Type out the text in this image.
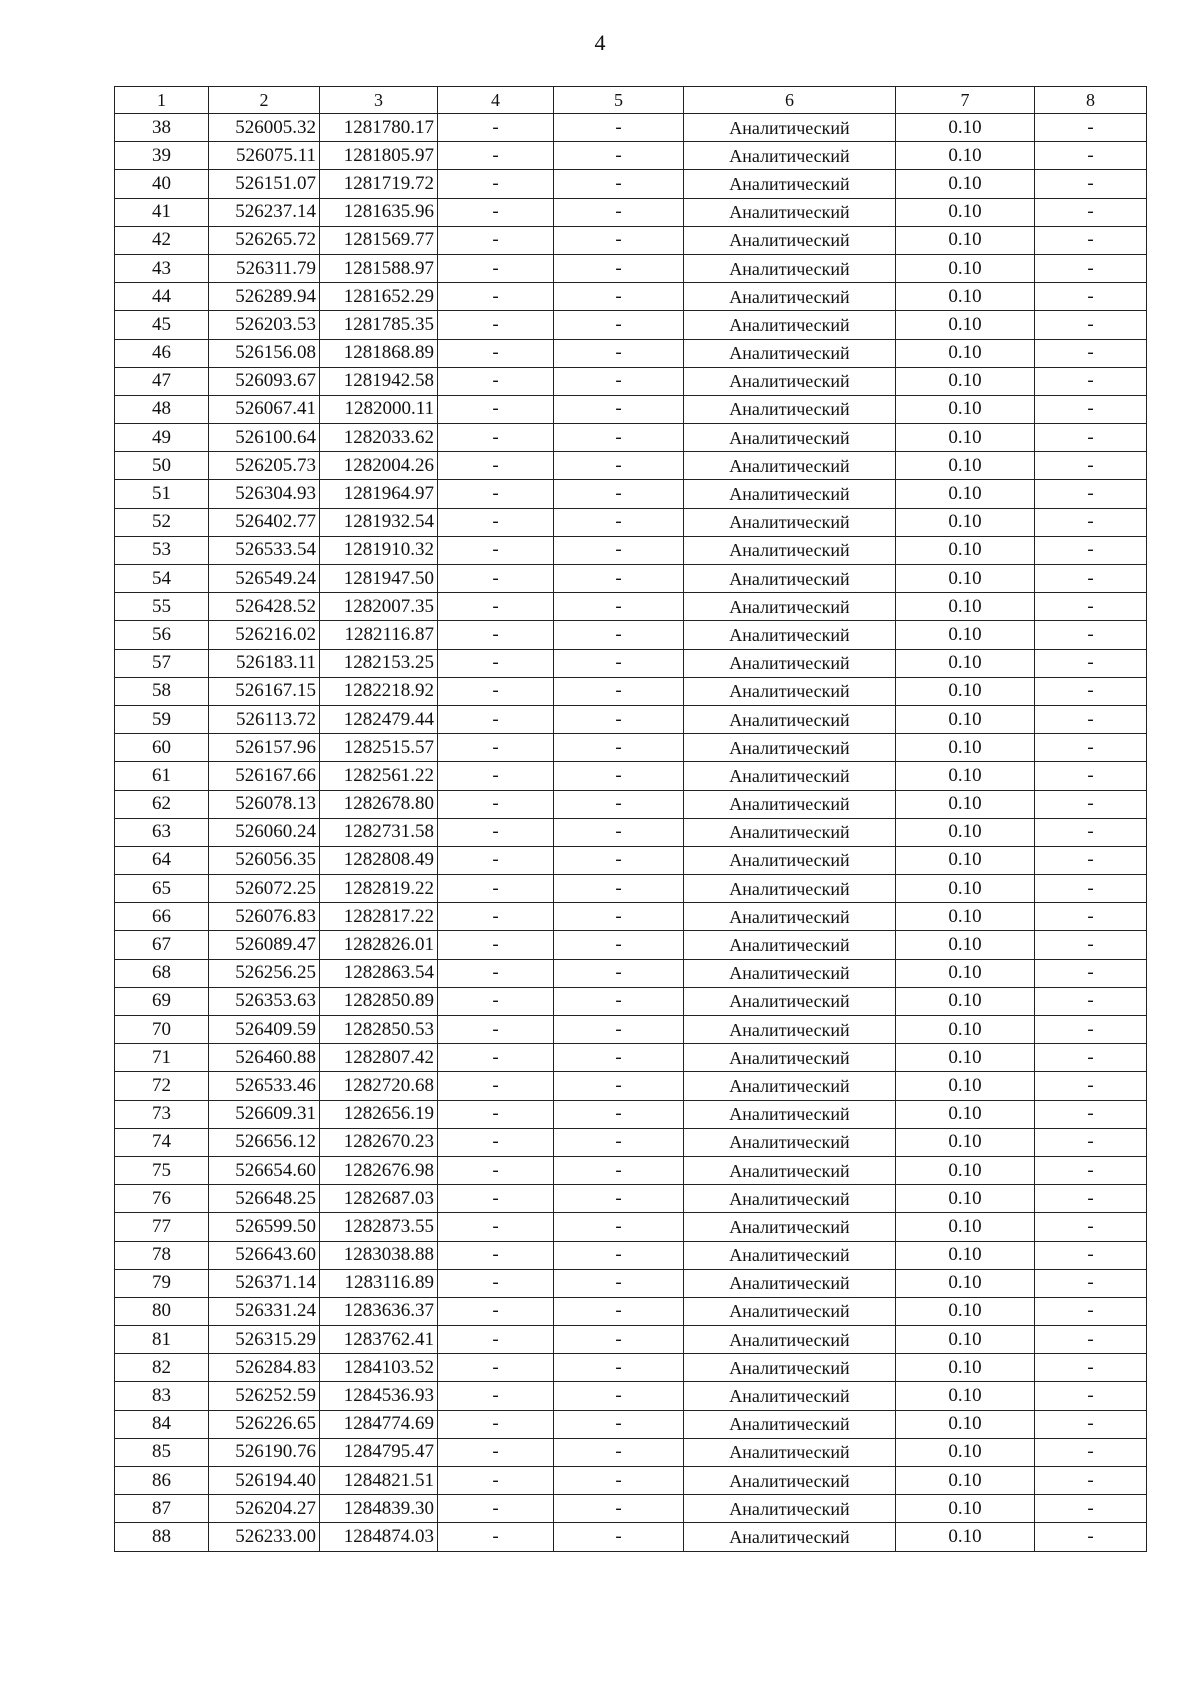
4
1	2	3	4	5	6	7	8
38	526005.32	1281780.17	-	-	Аналитический	0.10	-
39	526075.11	1281805.97	-	-	Аналитический	0.10	-
40	526151.07	1281719.72	-	-	Аналитический	0.10	-
41	526237.14	1281635.96	-	-	Аналитический	0.10	-
42	526265.72	1281569.77	-	-	Аналитический	0.10	-
43	526311.79	1281588.97	-	-	Аналитический	0.10	-
44	526289.94	1281652.29	-	-	Аналитический	0.10	-
45	526203.53	1281785.35	-	-	Аналитический	0.10	-
46	526156.08	1281868.89	-	-	Аналитический	0.10	-
47	526093.67	1281942.58	-	-	Аналитический	0.10	-
48	526067.41	1282000.11	-	-	Аналитический	0.10	-
49	526100.64	1282033.62	-	-	Аналитический	0.10	-
50	526205.73	1282004.26	-	-	Аналитический	0.10	-
51	526304.93	1281964.97	-	-	Аналитический	0.10	-
52	526402.77	1281932.54	-	-	Аналитический	0.10	-
53	526533.54	1281910.32	-	-	Аналитический	0.10	-
54	526549.24	1281947.50	-	-	Аналитический	0.10	-
55	526428.52	1282007.35	-	-	Аналитический	0.10	-
56	526216.02	1282116.87	-	-	Аналитический	0.10	-
57	526183.11	1282153.25	-	-	Аналитический	0.10	-
58	526167.15	1282218.92	-	-	Аналитический	0.10	-
59	526113.72	1282479.44	-	-	Аналитический	0.10	-
60	526157.96	1282515.57	-	-	Аналитический	0.10	-
61	526167.66	1282561.22	-	-	Аналитический	0.10	-
62	526078.13	1282678.80	-	-	Аналитический	0.10	-
63	526060.24	1282731.58	-	-	Аналитический	0.10	-
64	526056.35	1282808.49	-	-	Аналитический	0.10	-
65	526072.25	1282819.22	-	-	Аналитический	0.10	-
66	526076.83	1282817.22	-	-	Аналитический	0.10	-
67	526089.47	1282826.01	-	-	Аналитический	0.10	-
68	526256.25	1282863.54	-	-	Аналитический	0.10	-
69	526353.63	1282850.89	-	-	Аналитический	0.10	-
70	526409.59	1282850.53	-	-	Аналитический	0.10	-
71	526460.88	1282807.42	-	-	Аналитический	0.10	-
72	526533.46	1282720.68	-	-	Аналитический	0.10	-
73	526609.31	1282656.19	-	-	Аналитический	0.10	-
74	526656.12	1282670.23	-	-	Аналитический	0.10	-
75	526654.60	1282676.98	-	-	Аналитический	0.10	-
76	526648.25	1282687.03	-	-	Аналитический	0.10	-
77	526599.50	1282873.55	-	-	Аналитический	0.10	-
78	526643.60	1283038.88	-	-	Аналитический	0.10	-
79	526371.14	1283116.89	-	-	Аналитический	0.10	-
80	526331.24	1283636.37	-	-	Аналитический	0.10	-
81	526315.29	1283762.41	-	-	Аналитический	0.10	-
82	526284.83	1284103.52	-	-	Аналитический	0.10	-
83	526252.59	1284536.93	-	-	Аналитический	0.10	-
84	526226.65	1284774.69	-	-	Аналитический	0.10	-
85	526190.76	1284795.47	-	-	Аналитический	0.10	-
86	526194.40	1284821.51	-	-	Аналитический	0.10	-
87	526204.27	1284839.30	-	-	Аналитический	0.10	-
88	526233.00	1284874.03	-	-	Аналитический	0.10	-
